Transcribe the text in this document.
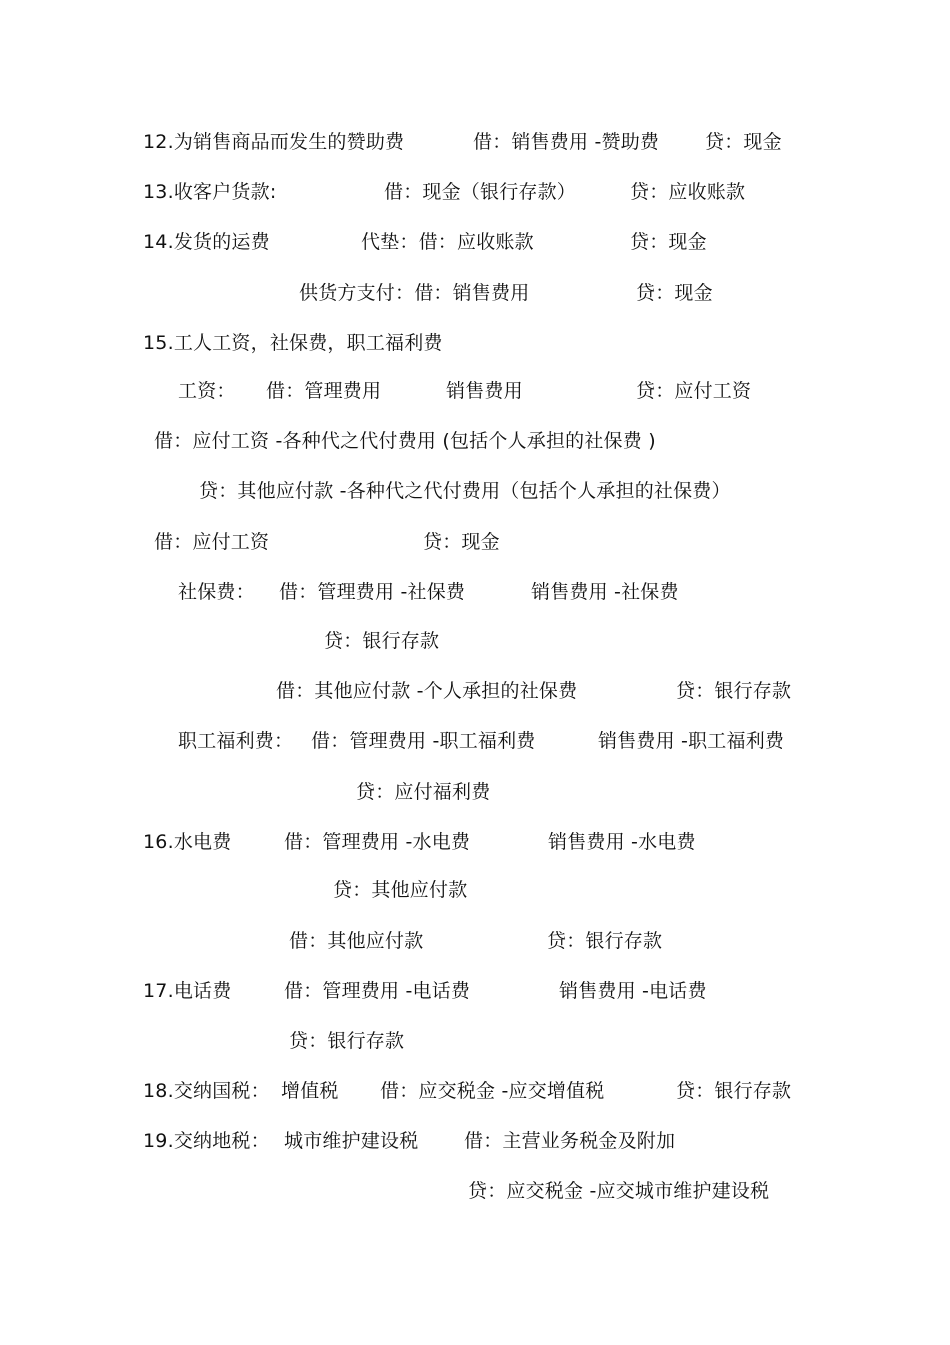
12.为销售商品而发生的赞助费	借：销售费用 -赞助费 贷：现金
13.收客户货款:	借：现金（银行存款）	贷：应收账款
14.发货的运费	代垫：借：应收账款	贷：现金
供货方支付：借：销售费用	贷：现金
15.工人工资，社保费，职工福利费
工资： 借：管理费用	销售费用	贷：应付工资
借：应付工资 -各种代之代付费用 (包括个人承担的社保费 )
贷：其他应付款 -各种代之代付费用（包括个人承担的社保费）
借：应付工资	贷：现金
社保费： 借：管理费用 -社保费	销售费用 -社保费
贷：银行存款
借：其他应付款 -个人承担的社保费	贷：银行存款
职工福利费： 借：管理费用 -职工福利费	销售费用 -职工福利费
贷：应付福利费
16.水电费	借：管理费用 -水电费	销售费用 -水电费
贷：其他应付款
借：其他应付款	贷：银行存款
17.电话费	借：管理费用 -电话费	销售费用 -电话费
贷：银行存款
18.交纳国税： 增值税 借：应交税金 -应交增值税	贷：银行存款
19.交纳地税： 城市维护建设税 借：主营业务税金及附加
贷：应交税金 -应交城市维护建设税
